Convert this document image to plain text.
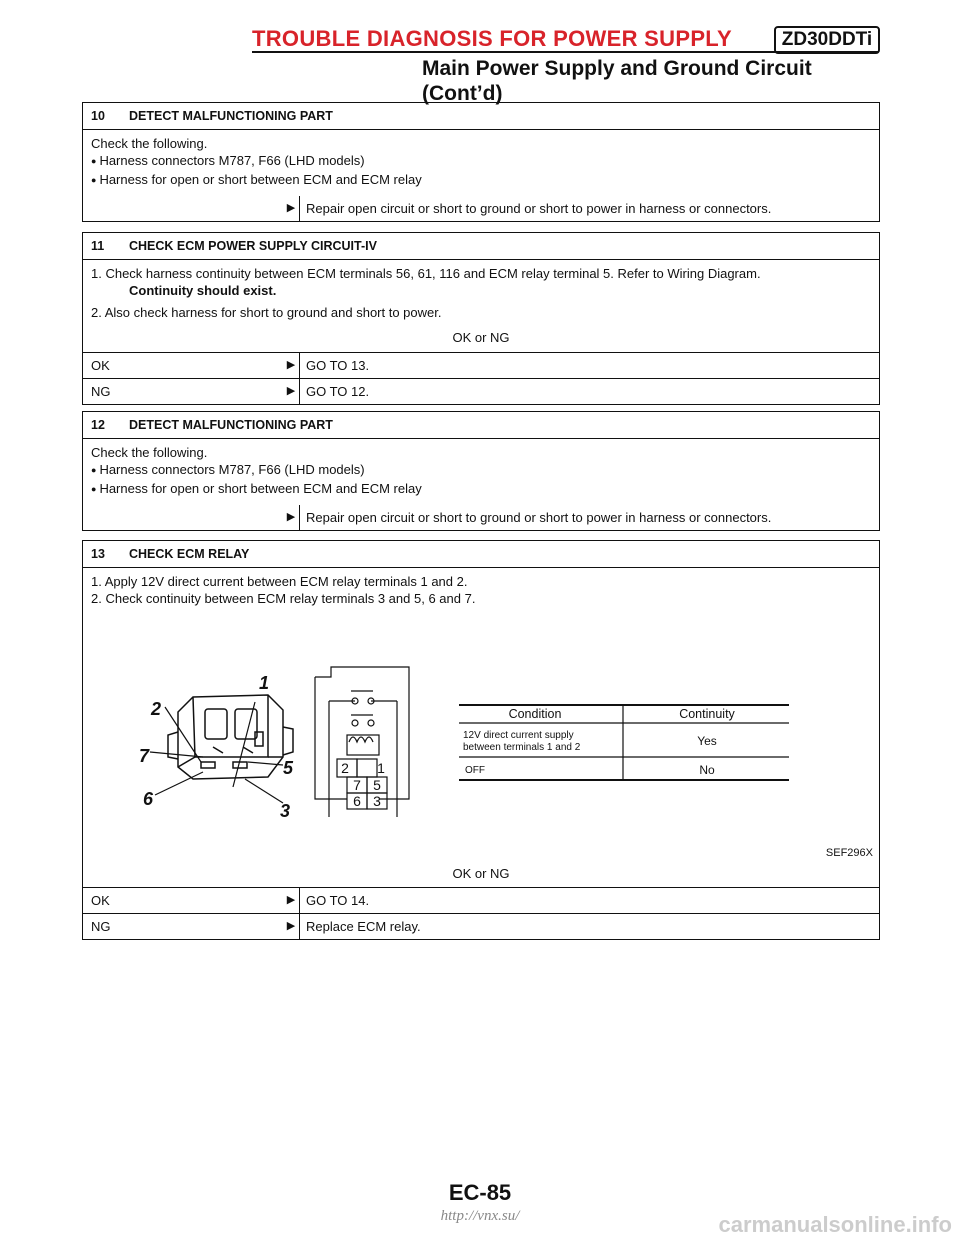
TROUBLE DIAGNOSIS FOR POWER SUPPLY	ZD30DDTi
Main Power Supply and Ground Circuit
(Cont’d)
10 DETECT MALFUNCTIONING PART
Check the following.
● Harness connectors M787, F66 (LHD models)
● Harness for open or short between ECM and ECM relay
▶ Repair open circuit or short to ground or short to power in harness or connectors.
11 CHECK ECM POWER SUPPLY CIRCUIT-IV
1. Check harness continuity between ECM terminals 56, 61, 116 and ECM relay terminal 5. Refer to Wiring Diagram.
Continuity should exist.
2. Also check harness for short to ground and short to power.
OK or NG
OK	▶ GO TO 13.
NG	▶ GO TO 12.
12 DETECT MALFUNCTIONING PART
Check the following.
● Harness connectors M787, F66 (LHD models)
● Harness for open or short between ECM and ECM relay
▶ Repair open circuit or short to ground or short to power in harness or connectors.
13 CHECK ECM RELAY
1. Apply 12V direct current between ECM relay terminals 1 and 2.
2. Check continuity between ECM relay terminals 3 and 5, 6 and 7.
1
2
7
5
6
3
2 1
7 5
6 3
Condition	Continuity
12V direct current supply
between terminals 1 and 2	Yes
OFF	No
SEF296X
OK or NG
OK	▶ GO TO 14.
NG	▶ Replace ECM relay.
EC-85
http://vnx.su/	carmanualsonline.info
